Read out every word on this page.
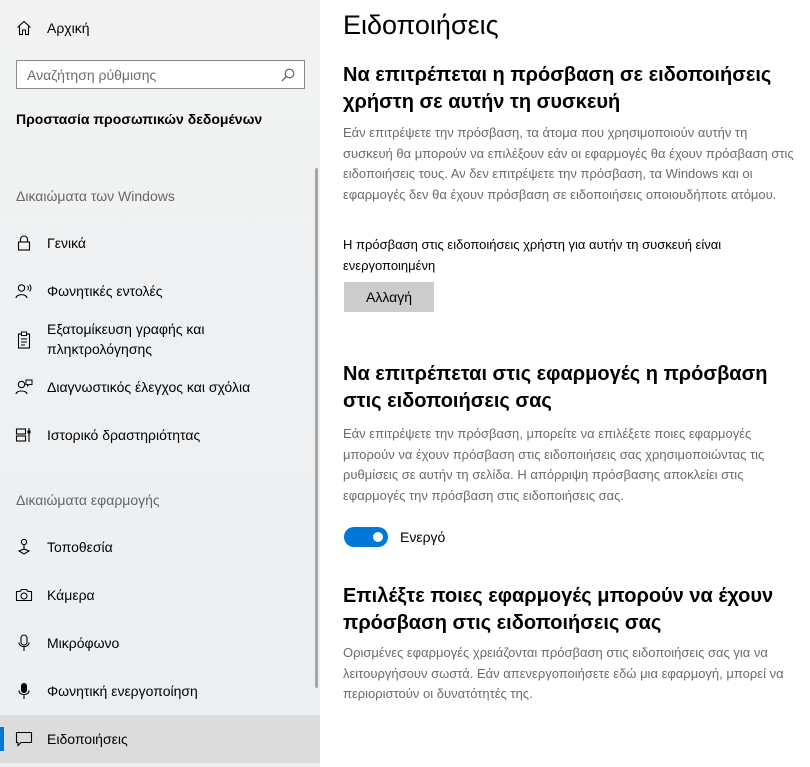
Αρχική
Αναζήτηση ρύθμισης
Προστασία προσωπικών δεδομένων
Δικαιώματα των Windows
Γενικά
Φωνητικές εντολές
Εξατομίκευση γραφής και
πληκτρολόγησης
Διαγνωστικός έλεγχος και σχόλια
Ιστορικό δραστηριότητας
Δικαιώματα εφαρμογής
Τοποθεσία
Κάμερα
Μικρόφωνο
Φωνητική ενεργοποίηση
Ειδοποιήσεις
Ειδοποιήσεις
Να επιτρέπεται η πρόσβαση σε ειδοποιήσεις χρήστη σε αυτήν τη συσκευή

Εάν επιτρέψετε την πρόσβαση, τα άτομα που χρησιμοποιούν αυτήν τη συσκευή θα μπορούν να επιλέξουν εάν οι εφαρμογές θα έχουν πρόσβαση στις ειδοποιήσεις τους. Αν δεν επιτρέψετε την πρόσβαση, τα Windows και οι εφαρμογές δεν θα έχουν πρόσβαση σε ειδοποιήσεις οποιουδήποτε ατόμου.

Η πρόσβαση στις ειδοποιήσεις χρήστη για αυτήν τη συσκευή είναι ενεργοποιημένη

Αλλαγή
Να επιτρέπεται στις εφαρμογές η πρόσβαση στις ειδοποιήσεις σας

Εάν επιτρέψετε την πρόσβαση, μπορείτε να επιλέξετε ποιες εφαρμογές μπορούν να έχουν πρόσβαση στις ειδοποιήσεις σας χρησιμοποιώντας τις ρυθμίσεις σε αυτήν τη σελίδα. Η απόρριψη πρόσβασης αποκλείει στις εφαρμογές την πρόσβαση στις ειδοποιήσεις σας.

Ενεργό
Επιλέξτε ποιες εφαρμογές μπορούν να έχουν πρόσβαση στις ειδοποιήσεις σας

Ορισμένες εφαρμογές χρειάζονται πρόσβαση στις ειδοποιήσεις σας για να λειτουργήσουν σωστά. Εάν απενεργοποιήσετε εδώ μια εφαρμογή, μπορεί να περιοριστούν οι δυνατότητές της.
